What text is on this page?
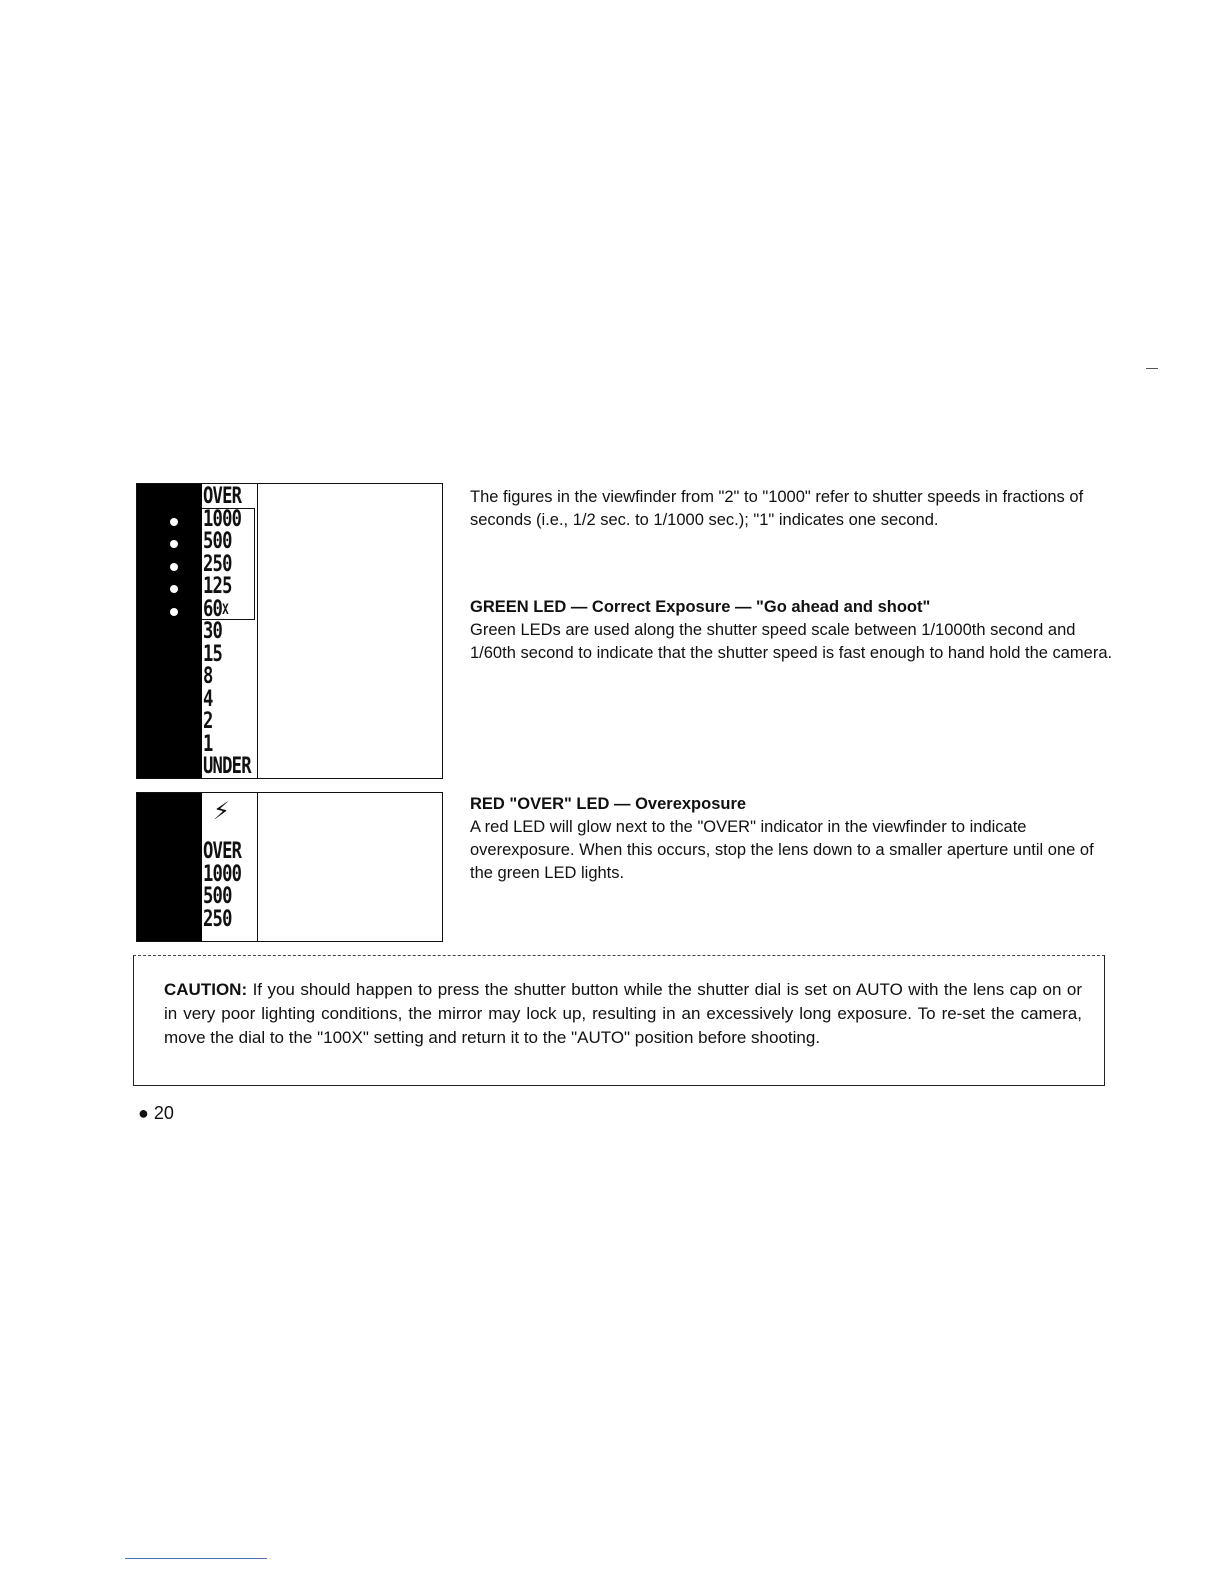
OVER
1000
500
250
125
$60^X$
30
15
8
4
2
1
UNDER
⚡
OVER
1000
500
250

The figures in the viewfinder from "2" to "1000" refer to shutter speeds in fractions of seconds (i.e., 1/2 sec. to 1/1000 sec.); "1" indicates one second.

GREEN LED — Correct Exposure — "Go ahead and shoot"

Green LEDs are used along the shutter speed scale between 1/1000th second and 1/60th second to indicate that the shutter speed is fast enough to hand hold the camera.

RED "OVER" LED — Overexposure

A red LED will glow next to the "OVER" indicator in the viewfinder to indicate overexposure. When this occurs, stop the lens down to a smaller aperture until one of the green LED lights.

CAUTION: If you should happen to press the shutter button while the shutter dial is set on AUTO with the lens cap on or in very poor lighting conditions, the mirror may lock up, resulting in an excessively long exposure. To re-set the camera, move the dial to the "100X" setting and return it to the "AUTO" position before shooting.
● 20
